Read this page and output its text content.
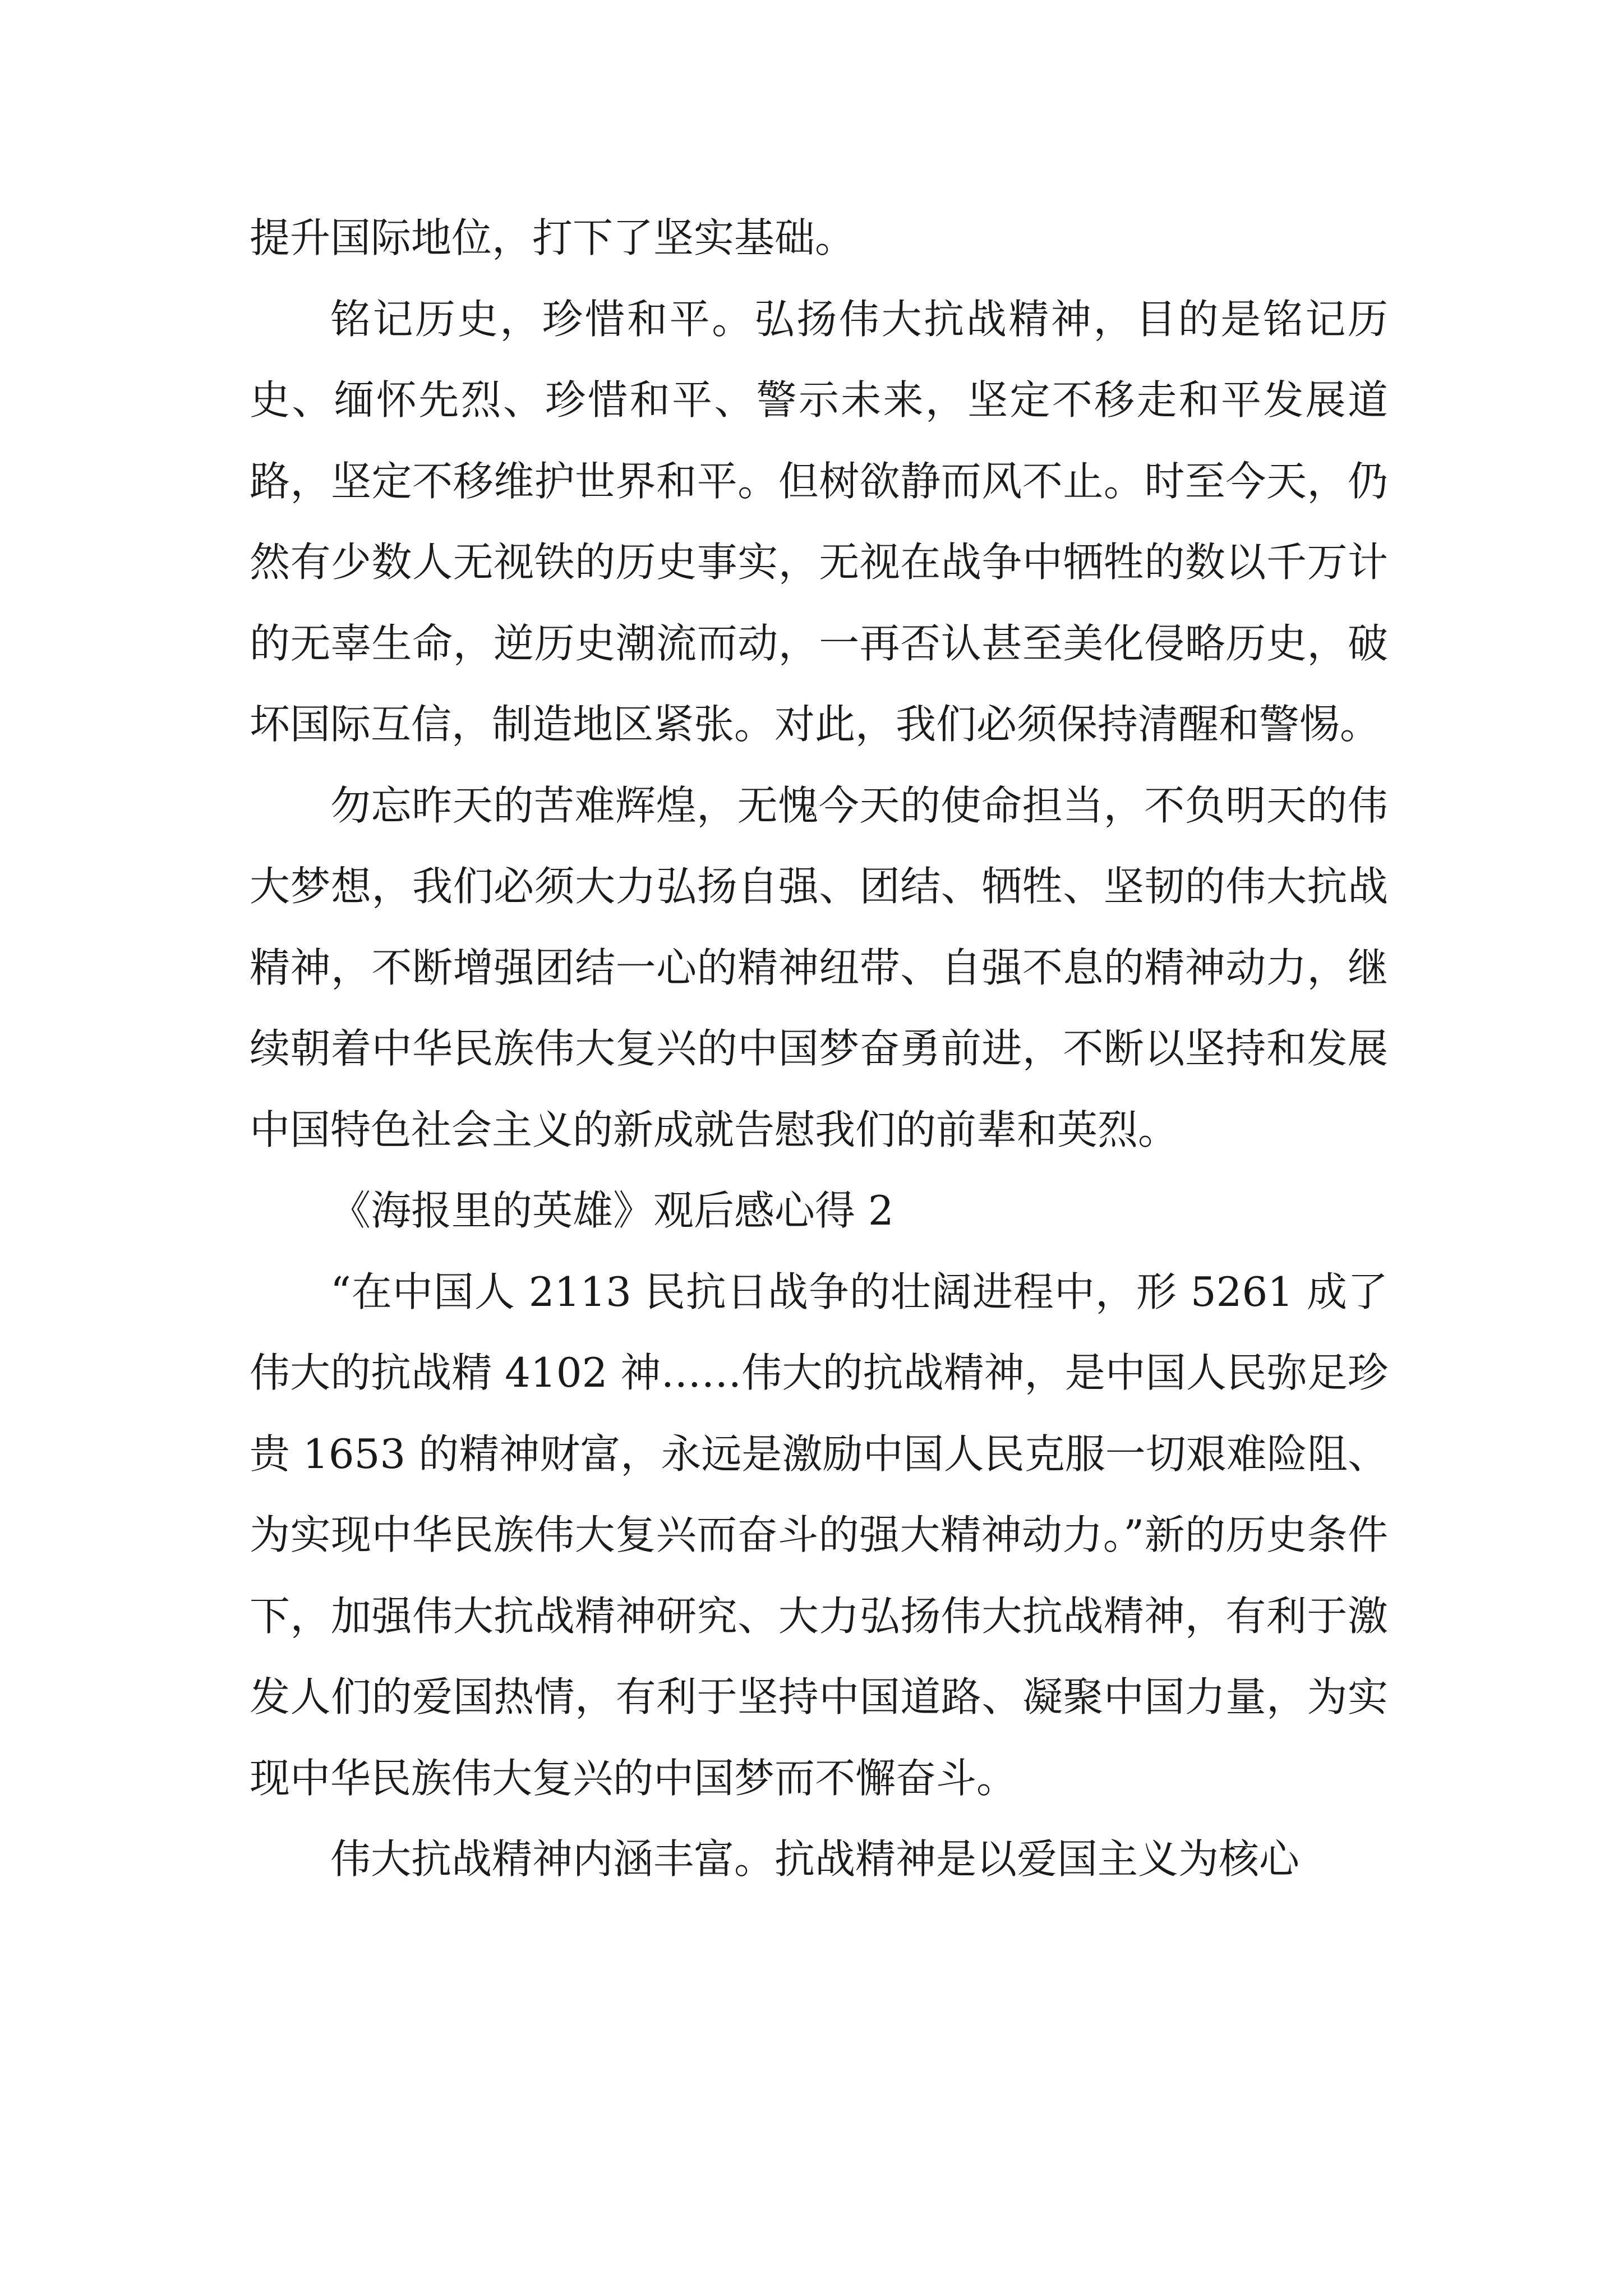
提升国际地位，打下了坚实基础。

铭记历史，珍惜和平。弘扬伟大抗战精神，目的是铭记历史、缅怀先烈、珍惜和平、警示未来，坚定不移走和平发展道路，坚定不移维护世界和平。但树欲静而风不止。时至今天，仍然有少数人无视铁的历史事实，无视在战争中牺牲的数以千万计的无辜生命，逆历史潮流而动，一再否认甚至美化侵略历史，破坏国际互信，制造地区紧张。对此，我们必须保持清醒和警惕。

勿忘昨天的苦难辉煌，无愧今天的使命担当，不负明天的伟大梦想，我们必须大力弘扬自强、团结、牺牲、坚韧的伟大抗战精神，不断增强团结一心的精神纽带、自强不息的精神动力，继续朝着中华民族伟大复兴的中国梦奋勇前进，不断以坚持和发展中国特色社会主义的新成就告慰我们的前辈和英烈。

《海报里的英雄》观后感心得 2

“在中国人 2113 民抗日战争的壮阔进程中，形 5261 成了伟大的抗战精 4102 神……伟大的抗战精神，是中国人民弥足珍贵 1653 的精神财富，永远是激励中国人民克服一切艰难险阻、为实现中华民族伟大复兴而奋斗的强大精神动力。”新的历史条件下，加强伟大抗战精神研究、大力弘扬伟大抗战精神，有利于激发人们的爱国热情，有利于坚持中国道路、凝聚中国力量，为实现中华民族伟大复兴的中国梦而不懈奋斗。

伟大抗战精神内涵丰富。抗战精神是以爱国主义为核心
